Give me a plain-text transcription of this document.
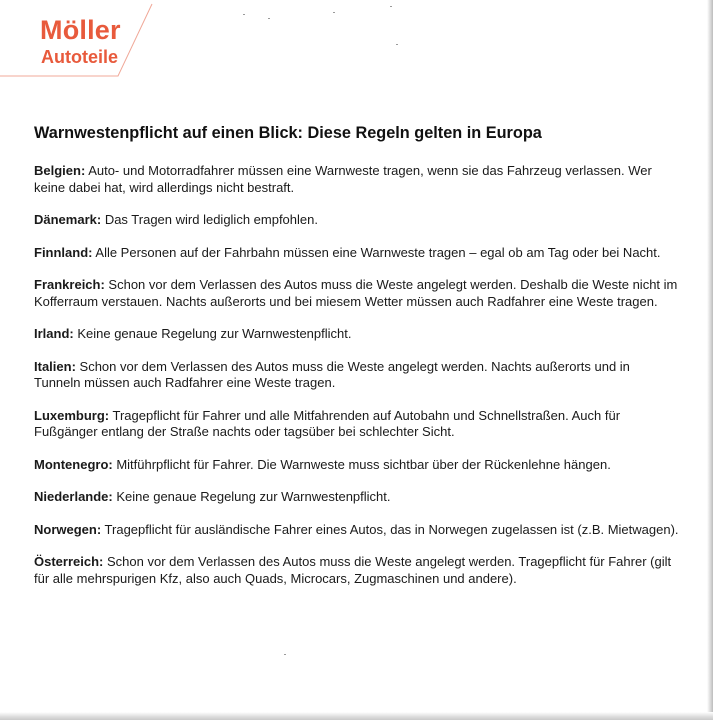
Möller
Autoteile
Warnwestenpflicht auf einen Blick: Diese Regeln gelten in Europa

Belgien: Auto- und Motorradfahrer müssen eine Warnweste tragen, wenn sie das Fahrzeug verlassen. Wer keine dabei hat, wird allerdings nicht bestraft.

Dänemark: Das Tragen wird lediglich empfohlen.

Finnland: Alle Personen auf der Fahrbahn müssen eine Warnweste tragen – egal ob am Tag oder bei Nacht.

Frankreich: Schon vor dem Verlassen des Autos muss die Weste angelegt werden. Deshalb die Weste nicht im Kofferraum verstauen. Nachts außerorts und bei miesem Wetter müssen auch Radfahrer eine Weste tragen.

Irland: Keine genaue Regelung zur Warnwestenpflicht.

Italien: Schon vor dem Verlassen des Autos muss die Weste angelegt werden. Nachts außerorts und in Tunneln müssen auch Radfahrer eine Weste tragen.

Luxemburg: Tragepflicht für Fahrer und alle Mitfahrenden auf Autobahn und Schnellstraßen. Auch für Fußgänger entlang der Straße nachts oder tagsüber bei schlechter Sicht.

Montenegro: Mitführpflicht für Fahrer. Die Warnweste muss sichtbar über der Rückenlehne hängen.

Niederlande: Keine genaue Regelung zur Warnwestenpflicht.

Norwegen: Tragepflicht für ausländische Fahrer eines Autos, das in Norwegen zugelassen ist (z.B. Mietwagen).

Österreich: Schon vor dem Verlassen des Autos muss die Weste angelegt werden. Tragepflicht für Fahrer (gilt für alle mehrspurigen Kfz, also auch Quads, Microcars, Zugmaschinen und andere).
